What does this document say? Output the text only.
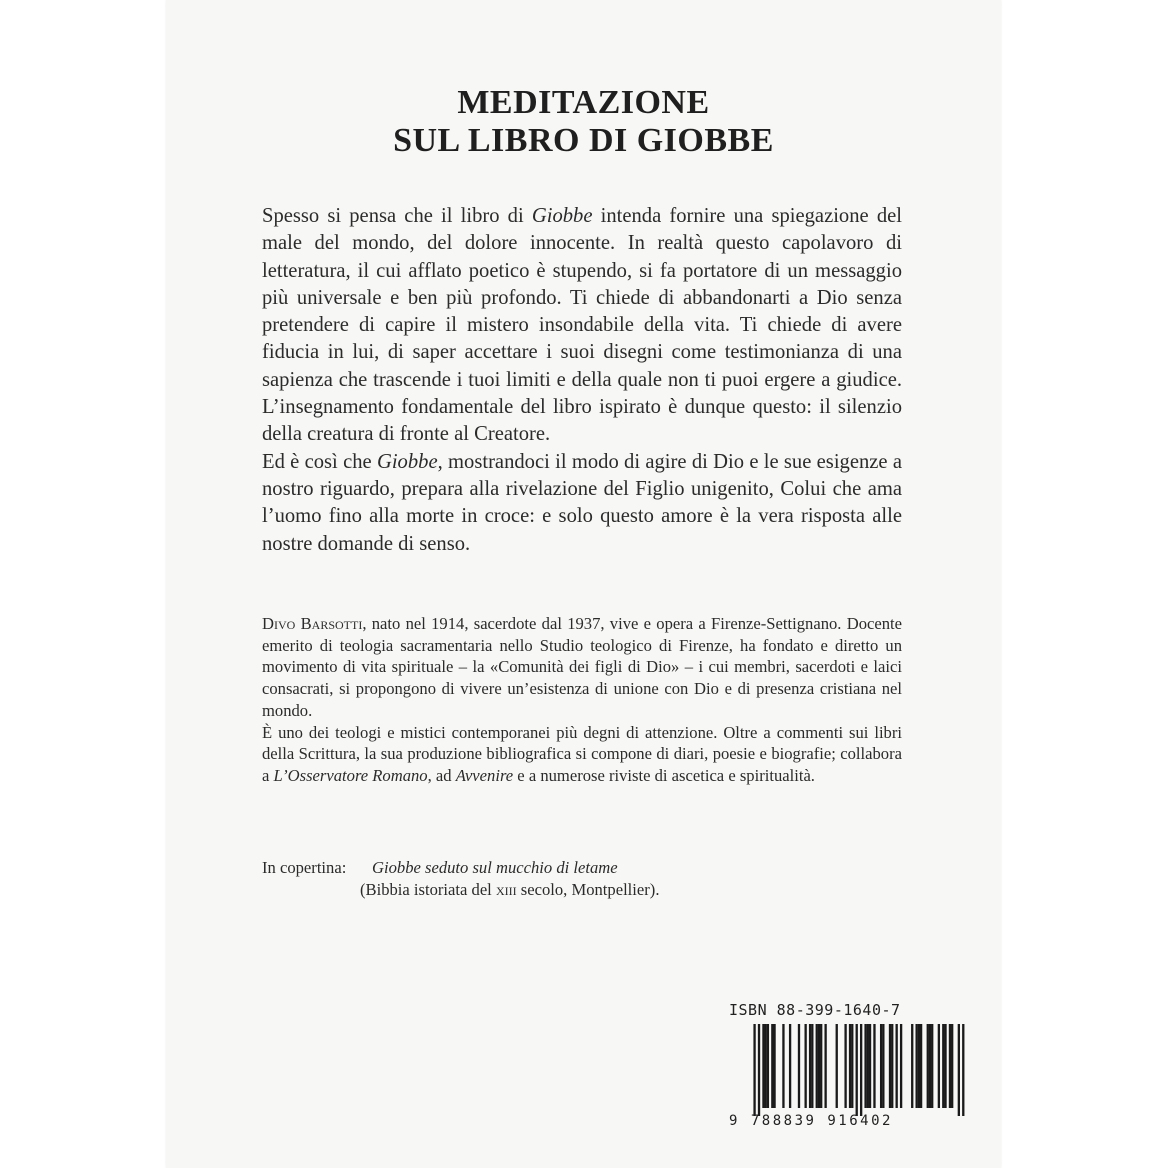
MEDITAZIONE
SUL LIBRO DI GIOBBE

Spesso si pensa che il libro di Giobbe intenda fornire una spiegazione del male del mondo, del dolore innocente. In realtà questo capolavoro di letteratura, il cui afflato poetico è stupendo, si fa portatore di un messaggio più universale e ben più profondo. Ti chiede di abbandonarti a Dio senza pretendere di capire il mistero insondabile della vita. Ti chiede di avere fiducia in lui, di saper accettare i suoi disegni come testimonianza di una sapienza che trascende i tuoi limiti e della quale non ti puoi ergere a giudice. L’insegnamento fondamentale del libro ispirato è dunque questo: il silenzio della creatura di fronte al Creatore.

Ed è così che Giobbe, mostrandoci il modo di agire di Dio e le sue esigenze a nostro riguardo, prepara alla rivelazione del Figlio unigenito, Colui che ama l’uomo fino alla morte in croce: e solo questo amore è la vera risposta alle nostre domande di senso.

Divo Barsotti, nato nel 1914, sacerdote dal 1937, vive e opera a Firenze-Settignano. Docente emerito di teologia sacramentaria nello Studio teologico di Firenze, ha fondato e diretto un movimento di vita spirituale – la «Comunità dei figli di Dio» – i cui membri, sacerdoti e laici consacrati, si propongono di vivere un’esistenza di unione con Dio e di presenza cristiana nel mondo.

È uno dei teologi e mistici contemporanei più degni di attenzione. Oltre a commenti sui libri della Scrittura, la sua produzione bibliografica si compone di diari, poesie e biografie; collabora a L’Osservatore Romano, ad Avvenire e a numerose riviste di ascetica e spiritualità.

In copertina:	Giobbe seduto sul mucchio di letame
(Bibbia istoriata del xiii secolo, Montpellier).
ISBN 88-399-1640-7
9 788839 916402
